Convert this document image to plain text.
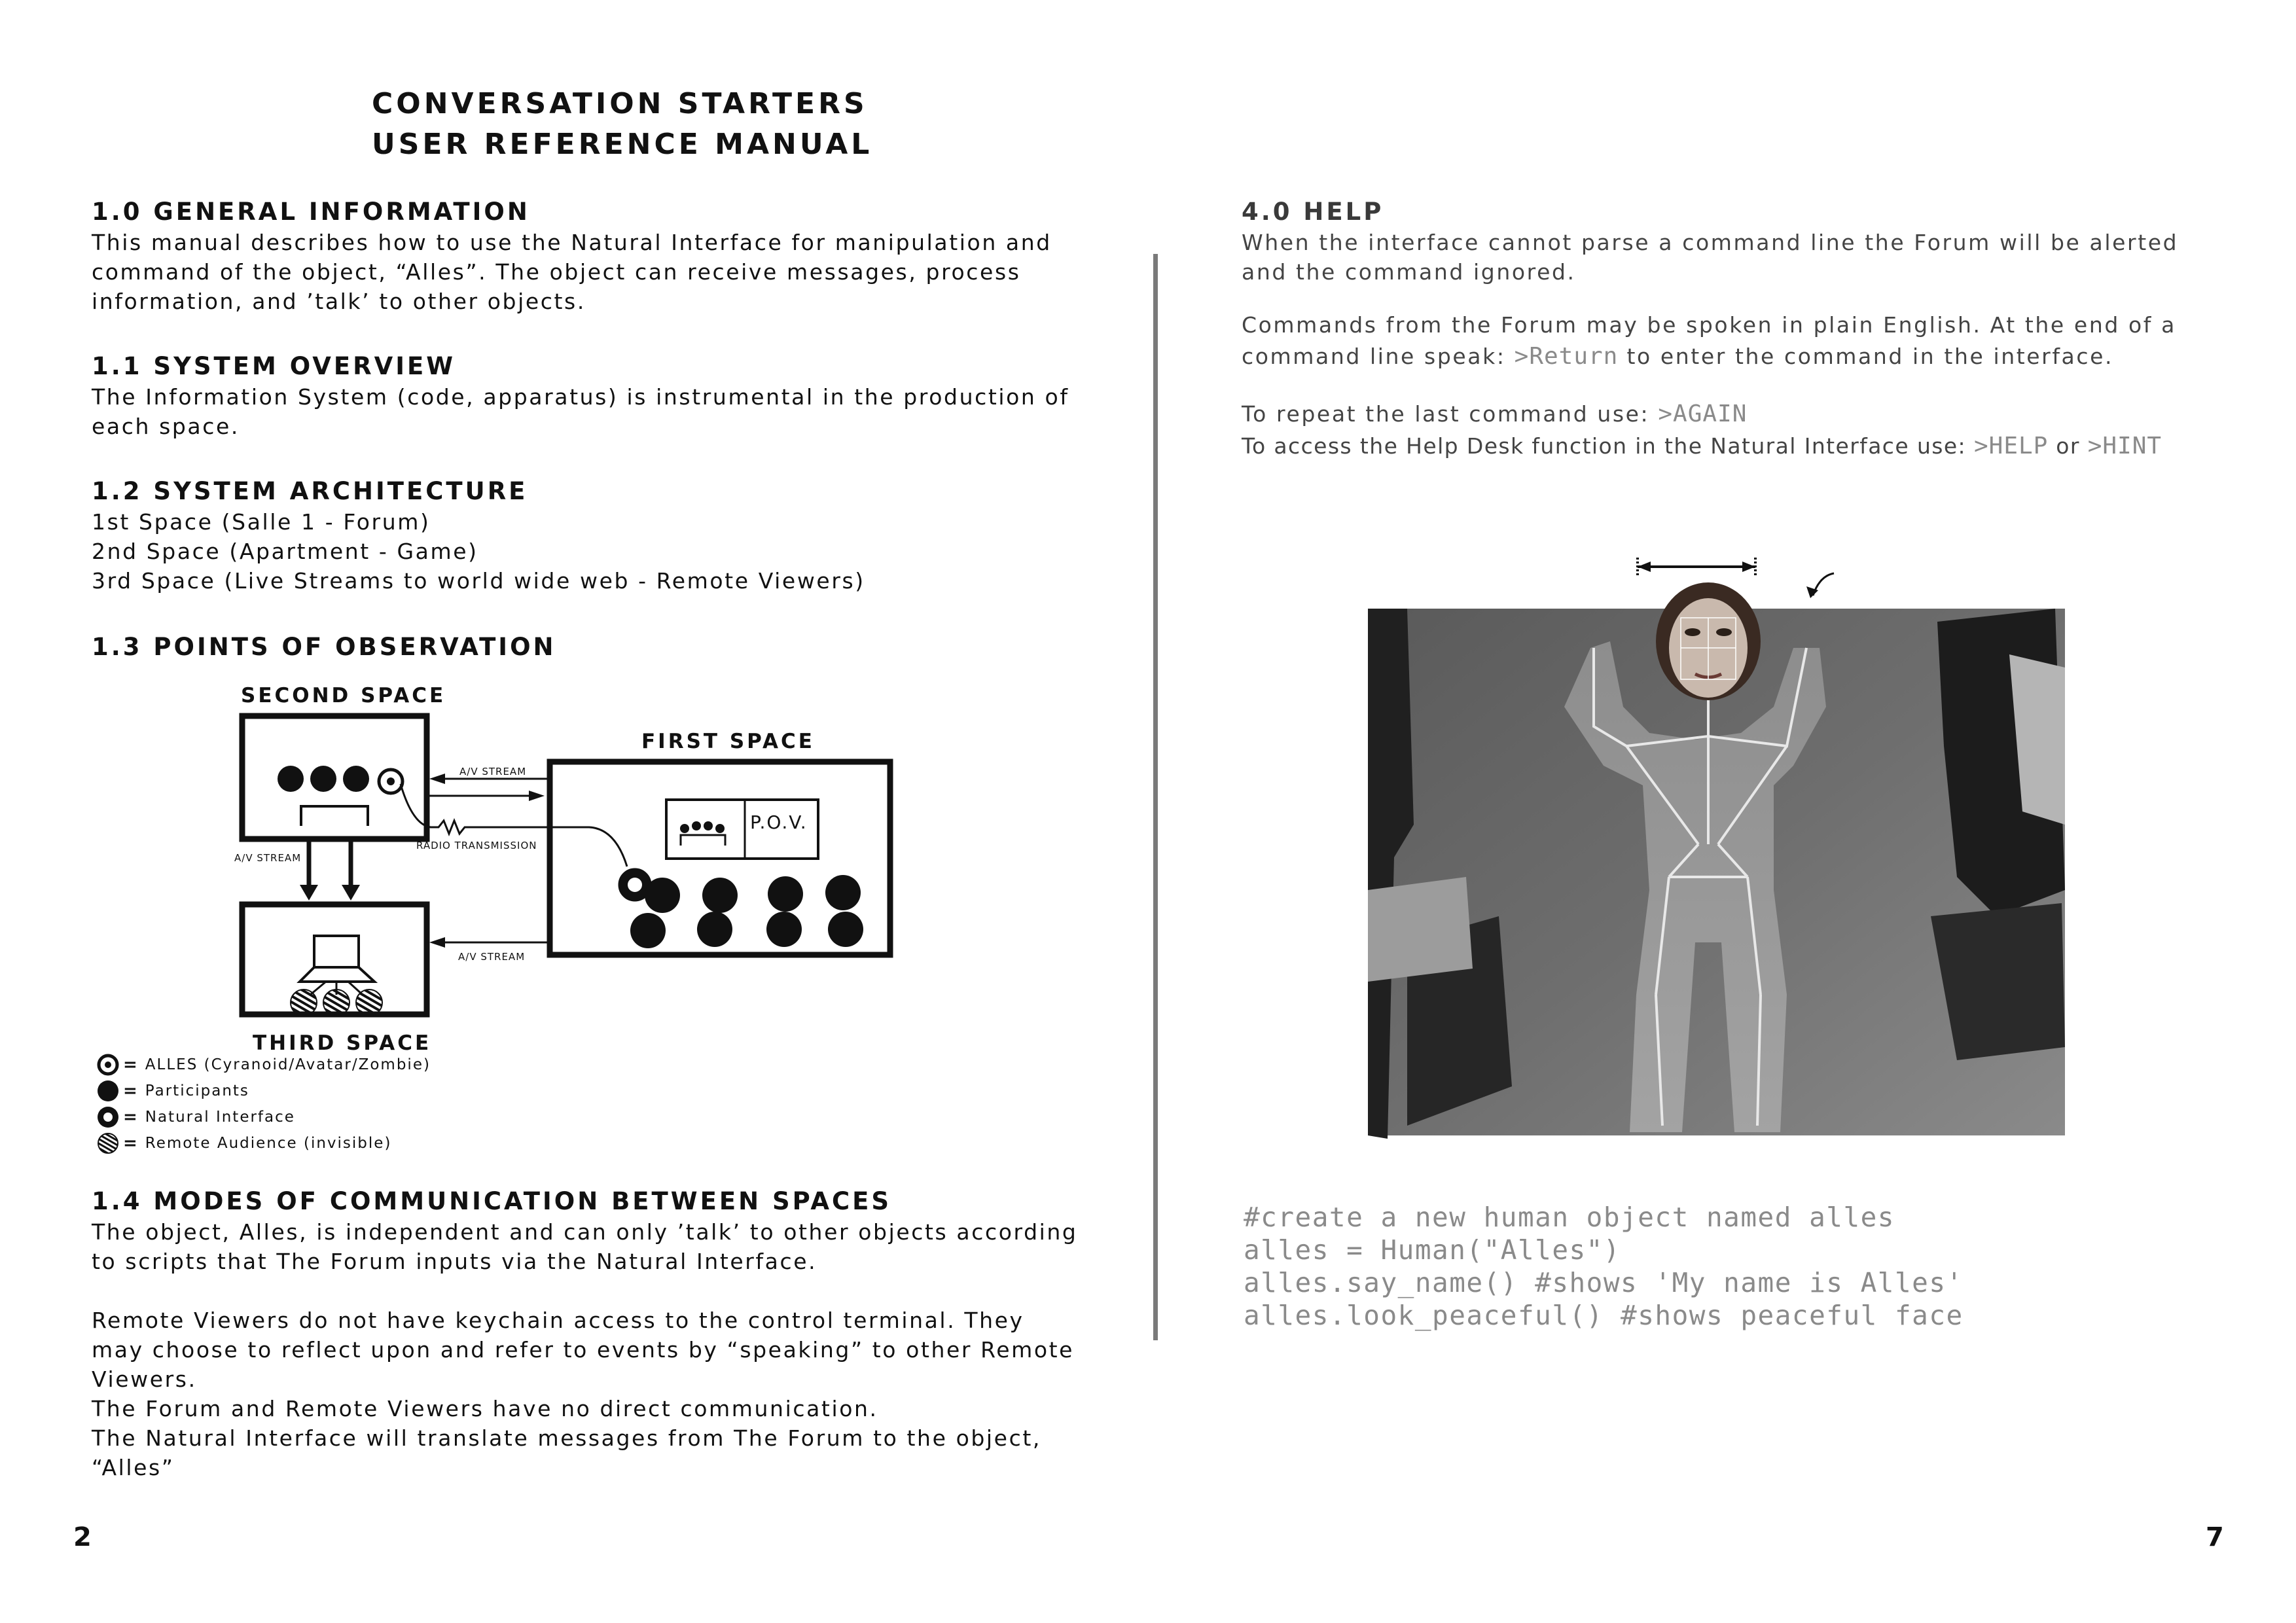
CONVERSATION STARTERS
USER REFERENCE MANUAL
1.0 GENERAL INFORMATION
This manual describes how to use the Natural Interface for manipulation and
command of the object, “Alles”. The object can receive messages, process
information, and ’talk’ to other objects.
1.1 SYSTEM OVERVIEW
The Information System (code, apparatus) is instrumental in the production of
each space.
1.2 SYSTEM ARCHITECTURE
1st Space (Salle 1 - Forum)
2nd Space (Apartment - Game)
3rd Space (Live Streams to world wide web - Remote Viewers)
1.3 POINTS OF OBSERVATION
SECOND SPACE
FIRST SPACE
THIRD SPACE
A/V STREAM
A/V STREAM
A/V STREAM
RADIO TRANSMISSION
P.O.V.
= ALLES (Cyranoid/Avatar/Zombie)
= Participants
= Natural Interface
= Remote Audience (invisible)
1.4 MODES OF COMMUNICATION BETWEEN SPACES
The object, Alles, is independent and can only ’talk’ to other objects according
to scripts that The Forum inputs via the Natural Interface.
Remote Viewers do not have keychain access to the control terminal. They
may choose to reflect upon and refer to events by “speaking” to other Remote
Viewers.
The Forum and Remote Viewers have no direct communication.
The Natural Interface will translate messages from The Forum to the object,
“Alles”
2
4.0 HELP
When the interface cannot parse a command line the Forum will be alerted
and the command ignored.
Commands from the Forum may be spoken in plain English. At the end of a
command line speak: >Return to enter the command in the interface.
To repeat the last command use: >AGAIN
To access the Help Desk function in the Natural Interface use: >HELP or >HINT
#create a new human object named alles
alles = Human("Alles")
alles.say_name() #shows 'My name is Alles'
alles.look_peaceful() #shows peaceful face
7
